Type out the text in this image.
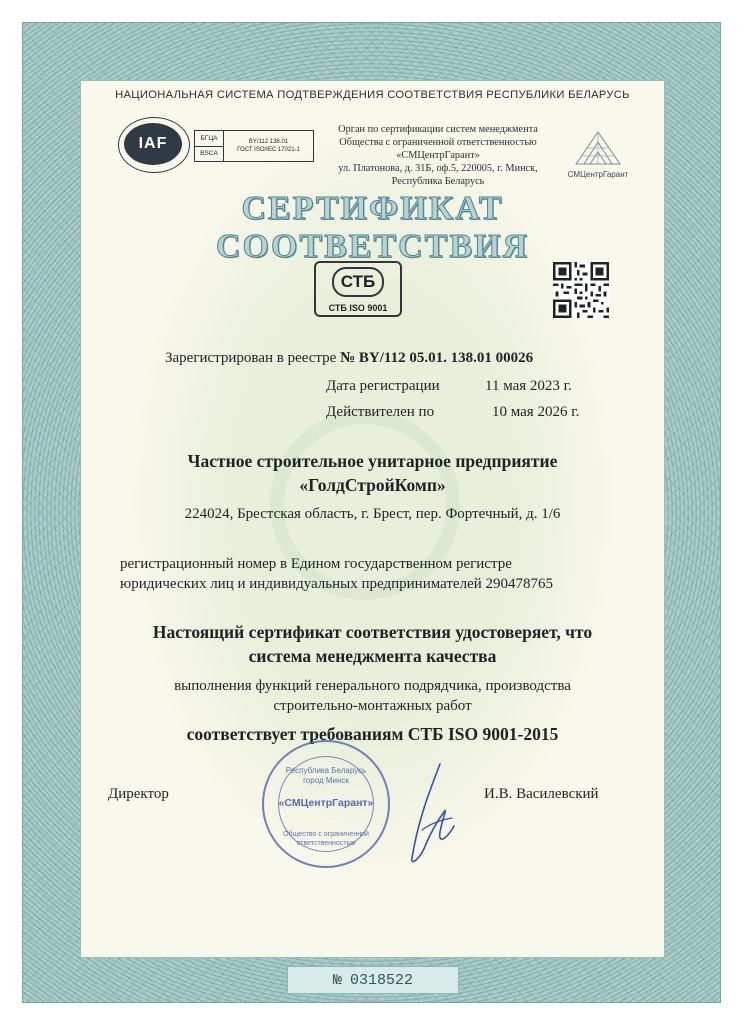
НАЦИОНАЛЬНАЯ СИСТЕМА ПОДТВЕРЖДЕНИЯ СООТВЕТСТВИЯ РЕСПУБЛИКИ БЕЛАРУСЬ
IAF	БГЦА
BSCA
BY/112 138.01
ГОСТ ISO/IEC 17021-1
Орган по сертификации систем менеджмента
Общества с ограниченной ответственностью
«СМЦентрГарант»
ул. Платонова, д. 31Б, оф.5, 220005, г. Минск,
Республика Беларусь
СМЦентрГарант
СЕРТИФИКАТ СООТВЕТСТВИЯ
СТБ
СТБ ISO 9001
Зарегистрирован в реестре № BY/112 05.01. 138.01 00026
Дата регистрации	11 мая 2023 г.
Действителен по	10 мая 2026 г.
Частное строительное унитарное предприятие
«ГолдСтройКомп»
224024, Брестская область, г. Брест, пер. Фортечный, д. 1/6
регистрационный номер в Едином государственном регистре
юридических лиц и индивидуальных предпринимателей 290478765
Настоящий сертификат соответствия удостоверяет, что
система менеджмента качества
выполнения функций генерального подрядчика, производства
строительно-монтажных работ
соответствует требованиям СТБ ISO 9001-2015
Республика Беларусь
город Минск
«СМЦентрГарант»
Общество с ограниченной ответственностью
Директор	И.В. Василевский
№ 0318522
